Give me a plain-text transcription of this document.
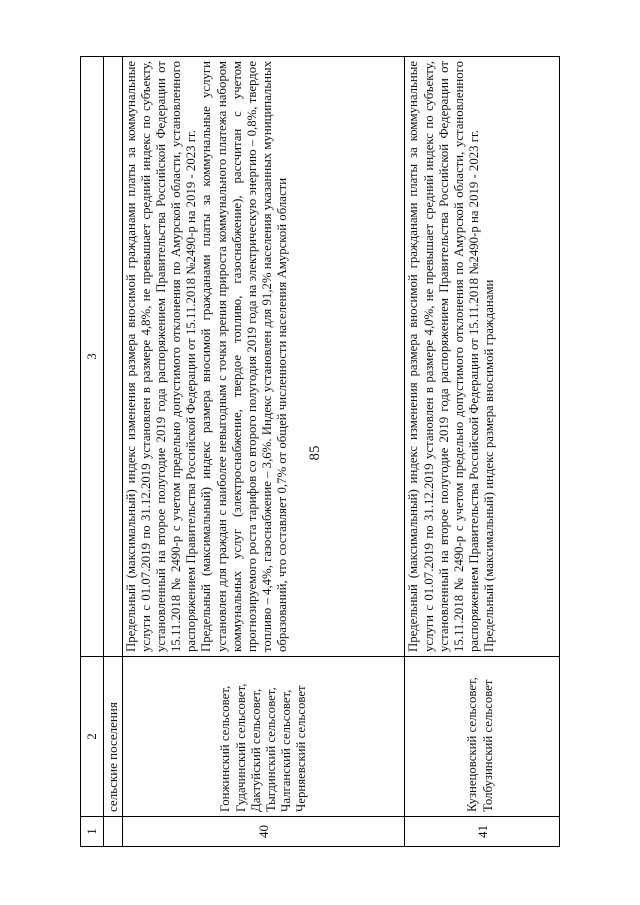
85
1	2	3
	сельские поселения	
40	Гонжинский сельсовет, Гудачинский сельсовет, Дактуйский сельсовет, Тыгдинский сельсовет, Чалганский сельсовет, Черняевский сельсовет	Предельный (максимальный) индекс изменения размера вносимой гражданами платы за коммунальные услуги с 01.07.2019 по 31.12.2019 установлен в размере 4,8%, не превышает средний индекс по субъекту, установленный на второе полугодие 2019 года распоряжением Правительства Российской Федерации от 15.11.2018 № 2490-р с учетом предельно допустимого отклонения по Амурской области, установленного распоряжением Правительства Российской Федерации от 15.11.2018 №2490-р на 2019 - 2023 гг. Предельный (максимальный) индекс размера вносимой гражданами платы за коммунальные услуги установлен для граждан с наиболее невыгодным с точки зрения прироста коммунального платежа набором коммунальных услуг (электроснабжение, твердое топливо, газоснабжение), рассчитан с учетом прогнозируемого роста тарифов со второго полугодия 2019 года на электрическую энергию – 0,8%, твердое топливо – 4,4%, газоснабжение – 3,6%. Индекс установлен для 91,2% населения указанных муниципальных образований, что составляет 0,7% от общей численности населения Амурской области

41	Кузнецовский сельсовет, Толбузинский сельсовет	Предельный (максимальный) индекс изменения размера вносимой гражданами платы за коммунальные услуги с 01.07.2019 по 31.12.2019 установлен в размере 4,0%, не превышает средний индекс по субъекту, установленный на второе полугодие 2019 года распоряжением Правительства Российской Федерации от 15.11.2018 № 2490-р с учетом предельно допустимого отклонения по Амурской области, установленного распоряжением Правительства Российской Федерации от 15.11.2018 №2490-р на 2019 - 2023 гг. Предельный (максимальный) индекс размера вносимой гражданами
